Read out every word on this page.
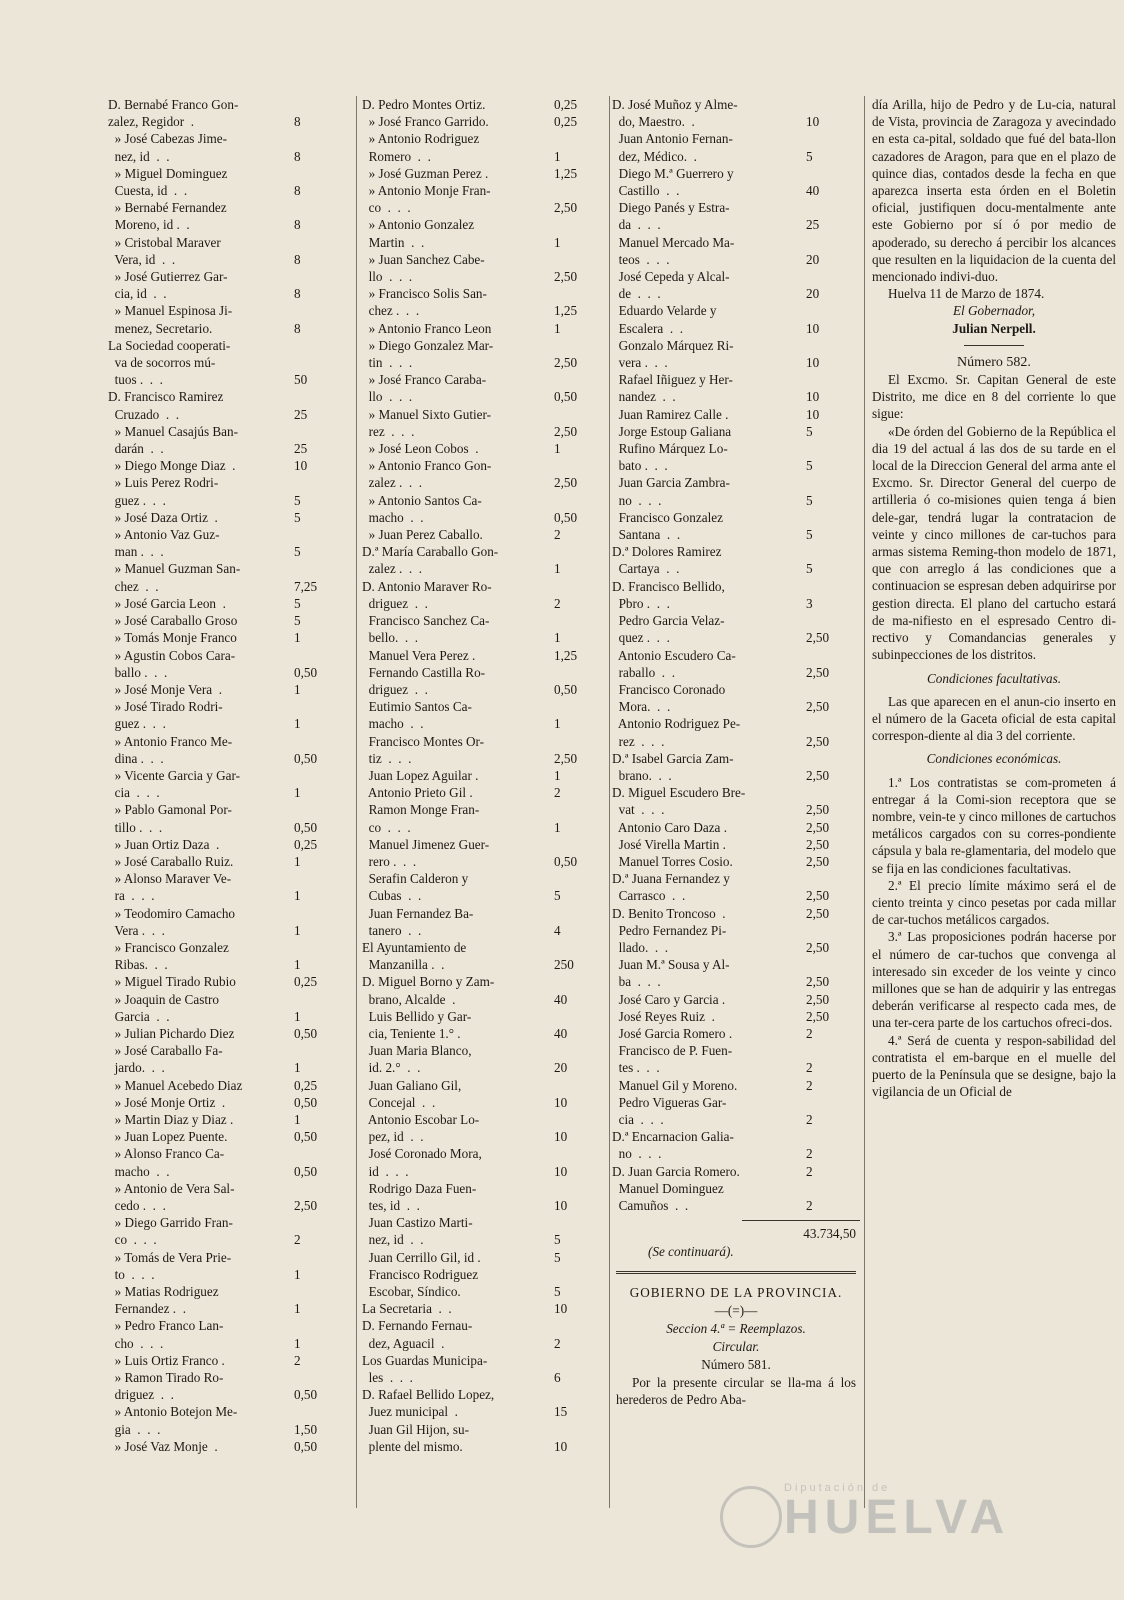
D. Bernabé Franco Gon-
zalez, Regidor  .	8
» José Cabezas Jime-
nez, id  .  .	8
» Miguel Dominguez
Cuesta, id  .  .	8
» Bernabé Fernandez
Moreno, id .  .	8
» Cristobal Maraver
Vera, id  .  .	8
» José Gutierrez Gar-
cia, id  .  .	8
» Manuel Espinosa Ji-
menez, Secretario.	8
La Sociedad cooperati-
va de socorros mú-
tuos .  .  .	50
D. Francisco Ramirez
Cruzado  .  .	25
» Manuel Casajús Ban-
darán  .  .	25
» Diego Monge Diaz  .	10
» Luis Perez Rodri-
guez .  .  .	5
» José Daza Ortiz  .	5
» Antonio Vaz Guz-
man .  .  .	5
» Manuel Guzman San-
chez  .  .	7,25
» José Garcia Leon  .	5
» José Caraballo Groso	5
» Tomás Monje Franco	1
» Agustin Cobos Cara-
ballo .  .  .	0,50
» José Monje Vera  .	1
» José Tirado Rodri-
guez .  .  .	1
» Antonio Franco Me-
dina .  .  .	0,50
» Vicente Garcia y Gar-
cia  .  .  .	1
» Pablo Gamonal Por-
tillo .  .  .	0,50
» Juan Ortiz Daza  .	0,25
» José Caraballo Ruiz.	1
» Alonso Maraver Ve-
ra  .  .  .	1
» Teodomiro Camacho
Vera .  .  .	1
» Francisco Gonzalez
Ribas.  .  .	1
» Miguel Tirado Rubio	0,25
» Joaquin de Castro
Garcia  .  .	1
» Julian Pichardo Diez	0,50
» José Caraballo Fa-
jardo.  .  .	1
» Manuel Acebedo Diaz	0,25
» José Monje Ortiz  .	0,50
» Martin Diaz y Diaz .	1
» Juan Lopez Puente.	0,50
» Alonso Franco Ca-
macho  .  .	0,50
» Antonio de Vera Sal-
cedo .  .  .	2,50
» Diego Garrido Fran-
co  .  .  .	2
» Tomás de Vera Prie-
to  .  .  .	1
» Matias Rodriguez
Fernandez .  .	1
» Pedro Franco Lan-
cho  .  .  .	1
» Luis Ortiz Franco .	2
» Ramon Tirado Ro-
driguez  .  .	0,50
» Antonio Botejon Me-
gia  .  .  .	1,50
» José Vaz Monje  .	0,50
D. Pedro Montes Ortiz.	0,25
» José Franco Garrido.	0,25
» Antonio Rodriguez
Romero  .  .	1
» José Guzman Perez .	1,25
» Antonio Monje Fran-
co  .  .  .	2,50
» Antonio Gonzalez
Martin  .  .	1
» Juan Sanchez Cabe-
llo  .  .  .	2,50
» Francisco Solis San-
chez .  .  .	1,25
» Antonio Franco Leon	1
» Diego Gonzalez Mar-
tin  .  .  .	2,50
» José Franco Caraba-
llo  .  .  .	0,50
» Manuel Sixto Gutier-
rez  .  .  .	2,50
» José Leon Cobos  .	1
» Antonio Franco Gon-
zalez .  .  .	2,50
» Antonio Santos Ca-
macho  .  .	0,50
» Juan Perez Caballo.	2
D.ª María Caraballo Gon-
zalez .  .  .	1
D. Antonio Maraver Ro-
driguez  .  .	2
Francisco Sanchez Ca-
bello.  .  .	1
Manuel Vera Perez .	1,25
Fernando Castilla Ro-
driguez  .  .	0,50
Eutimio Santos Ca-
macho  .  .	1
Francisco Montes Or-
tiz  .  .  .	2,50
Juan Lopez Aguilar .	1
Antonio Prieto Gil .	2
Ramon Monge Fran-
co  .  .  .	1
Manuel Jimenez Guer-
rero .  .  .	0,50
Serafin Calderon y
Cubas  .  .	5
Juan Fernandez Ba-
tanero  .  .	4
El Ayuntamiento de
Manzanilla .  .	250
D. Miguel Borno y Zam-
brano, Alcalde  .	40
Luis Bellido y Gar-
cia, Teniente 1.° .	40
Juan Maria Blanco,
id. 2.°  .  .	20
Juan Galiano Gil,
Concejal  .  .	10
Antonio Escobar Lo-
pez, id  .  .	10
José Coronado Mora,
id  .  .  .	10
Rodrigo Daza Fuen-
tes, id  .  .	10
Juan Castizo Marti-
nez, id  .  .	5
Juan Cerrillo Gil, id .	5
Francisco Rodriguez
Escobar, Síndico.	5
La Secretaria  .  .	10
D. Fernando Fernau-
dez, Aguacil  .	2
Los Guardas Municipa-
les  .  .  .	6
D. Rafael Bellido Lopez,
Juez municipal  .	15
Juan Gil Hijon, su-
plente del mismo.	10
D. José Muñoz y Alme-
do, Maestro.  .	10
Juan Antonio Fernan-
dez, Médico.  .	5
Diego M.ª Guerrero y
Castillo  .  .	40
Diego Panés y Estra-
da  .  .  .	25
Manuel Mercado Ma-
teos  .  .  .	20
José Cepeda y Alcal-
de  .  .  .	20
Eduardo Velarde y
Escalera  .  .	10
Gonzalo Márquez Ri-
vera .  .  .	10
Rafael Iñiguez y Her-
nandez  .  .	10
Juan Ramirez Calle .	10
Jorge Estoup Galiana	5
Rufino Márquez Lo-
bato .  .  .	5
Juan Garcia Zambra-
no  .  .  .	5
Francisco Gonzalez
Santana  .  .	5
D.ª Dolores Ramirez
Cartaya  .  .	5
D. Francisco Bellido,
Pbro .  .  .	3
Pedro Garcia Velaz-
quez .  .  .	2,50
Antonio Escudero Ca-
raballo  .  .	2,50
Francisco Coronado
Mora.  .  .	2,50
Antonio Rodriguez Pe-
rez  .  .  .	2,50
D.ª Isabel Garcia Zam-
brano.  .  .	2,50
D. Miguel Escudero Bre-
vat  .  .  .	2,50
Antonio Caro Daza .	2,50
José Virella Martin .	2,50
Manuel Torres Cosio.	2,50
D.ª Juana Fernandez y
Carrasco  .  .	2,50
D. Benito Troncoso  .	2,50
Pedro Fernandez Pi-
llado.  .  .	2,50
Juan M.ª Sousa y Al-
ba  .  .  .	2,50
José Caro y Garcia .	2,50
José Reyes Ruiz  .	2,50
José Garcia Romero .	2
Francisco de P. Fuen-
tes .  .  .	2
Manuel Gil y Moreno.	2
Pedro Vigueras Gar-
cia  .  .  .	2
D.ª Encarnacion Galia-
no  .  .  .	2
D. Juan Garcia Romero.	2
Manuel Dominguez
Camuños  .  .	2
43.734,50
(Se continuará).
GOBIERNO DE LA PROVINCIA.
—(=)—
Seccion 4.ª = Reemplazos.
Circular.
Número 581.

Por la presente circular se lla-ma á los herederos de Pedro Aba-

día Arilla, hijo de Pedro y de Lu-cia, natural de Vista, provincia de Zaragoza y avecindado en esta ca-pital, soldado que fué del bata-llon cazadores de Aragon, para que en el plazo de quince dias, contados desde la fecha en que aparezca inserta esta órden en el Boletin oficial, justifiquen docu-mentalmente ante este Gobierno por sí ó por medio de apoderado, su derecho á percibir los alcances que resulten en la liquidacion de la cuenta del mencionado indivi-duo.

Huelva 11 de Marzo de 1874.

El Gobernador,

Julian Nerpell.

Número 582.

El Excmo. Sr. Capitan General de este Distrito, me dice en 8 del corriente lo que sigue:

«De órden del Gobierno de la República el dia 19 del actual á las dos de su tarde en el local de la Direccion General del arma ante el Excmo. Sr. Director General del cuerpo de artilleria ó co-misiones quien tenga á bien dele-gar, tendrá lugar la contratacion de veinte y cinco millones de car-tuchos para armas sistema Reming-thon modelo de 1871, que con arreglo á las condiciones que a continuacion se espresan deben adquirirse por gestion directa. El plano del cartucho estará de ma-nifiesto en el espresado Centro di-rectivo y Comandancias generales y subinpecciones de los distritos.

Condiciones facultativas.

Las que aparecen en el anun-cio inserto en el número de la Gaceta oficial de esta capital correspon-diente al dia 3 del corriente.

Condiciones económicas.

1.ª Los contratistas se com-prometen á entregar á la Comi-sion receptora que se nombre, vein-te y cinco millones de cartuchos metálicos cargados con su corres-pondiente cápsula y bala re-glamentaria, del modelo que se fija en las condiciones facultativas.

2.ª El precio límite máximo será el de ciento treinta y cinco pesetas por cada millar de car-tuchos metálicos cargados.

3.ª Las proposiciones podrán hacerse por el número de car-tuchos que convenga al interesado sin exceder de los veinte y cinco millones que se han de adquirir y las entregas deberán verificarse al respecto cada mes, de una ter-cera parte de los cartuchos ofreci-dos.

4.ª Será de cuenta y respon-sabilidad del contratista el em-barque en el muelle del puerto de la Península que se designe, bajo la vigilancia de un Oficial de

Diputación de
HUELVA
